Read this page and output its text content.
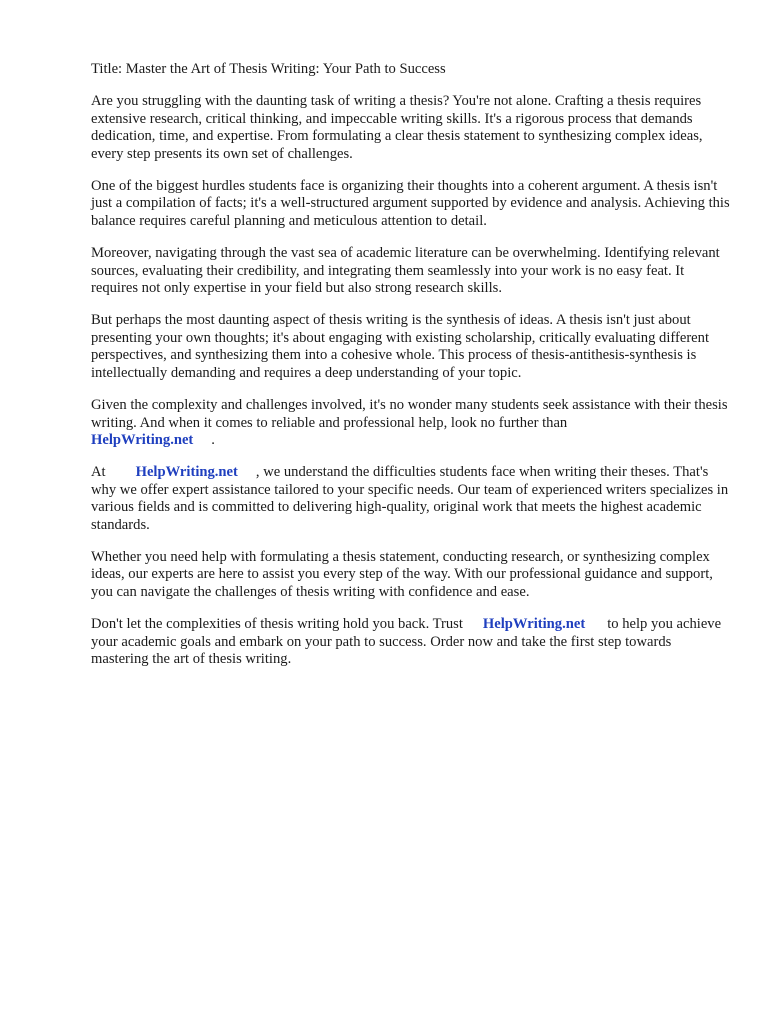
Title: Master the Art of Thesis Writing: Your Path to Success

Are you struggling with the daunting task of writing a thesis? You're not alone. Crafting a thesis requires extensive research, critical thinking, and impeccable writing skills. It's a rigorous process that demands dedication, time, and expertise. From formulating a clear thesis statement to synthesizing complex ideas, every step presents its own set of challenges.

One of the biggest hurdles students face is organizing their thoughts into a coherent argument. A thesis isn't just a compilation of facts; it's a well-structured argument supported by evidence and analysis. Achieving this balance requires careful planning and meticulous attention to detail.

Moreover, navigating through the vast sea of academic literature can be overwhelming. Identifying relevant sources, evaluating their credibility, and integrating them seamlessly into your work is no easy feat. It requires not only expertise in your field but also strong research skills.

But perhaps the most daunting aspect of thesis writing is the synthesis of ideas. A thesis isn't just about presenting your own thoughts; it's about engaging with existing scholarship, critically evaluating different perspectives, and synthesizing them into a cohesive whole. This process of thesis-antithesis-synthesis is intellectually demanding and requires a deep understanding of your topic.

Given the complexity and challenges involved, it's no wonder many students seek assistance with their thesis writing. And when it comes to reliable and professional help, look no further than
HelpWriting.net .

At HelpWriting.net , we understand the difficulties students face when writing their theses. That's why we offer expert assistance tailored to your specific needs. Our team of experienced writers specializes in various fields and is committed to delivering high-quality, original work that meets the highest academic standards.

Whether you need help with formulating a thesis statement, conducting research, or synthesizing complex ideas, our experts are here to assist you every step of the way. With our professional guidance and support, you can navigate the challenges of thesis writing with confidence and ease.

Don't let the complexities of thesis writing hold you back. Trust HelpWriting.net to help you achieve your academic goals and embark on your path to success. Order now and take the first step towards mastering the art of thesis writing.
